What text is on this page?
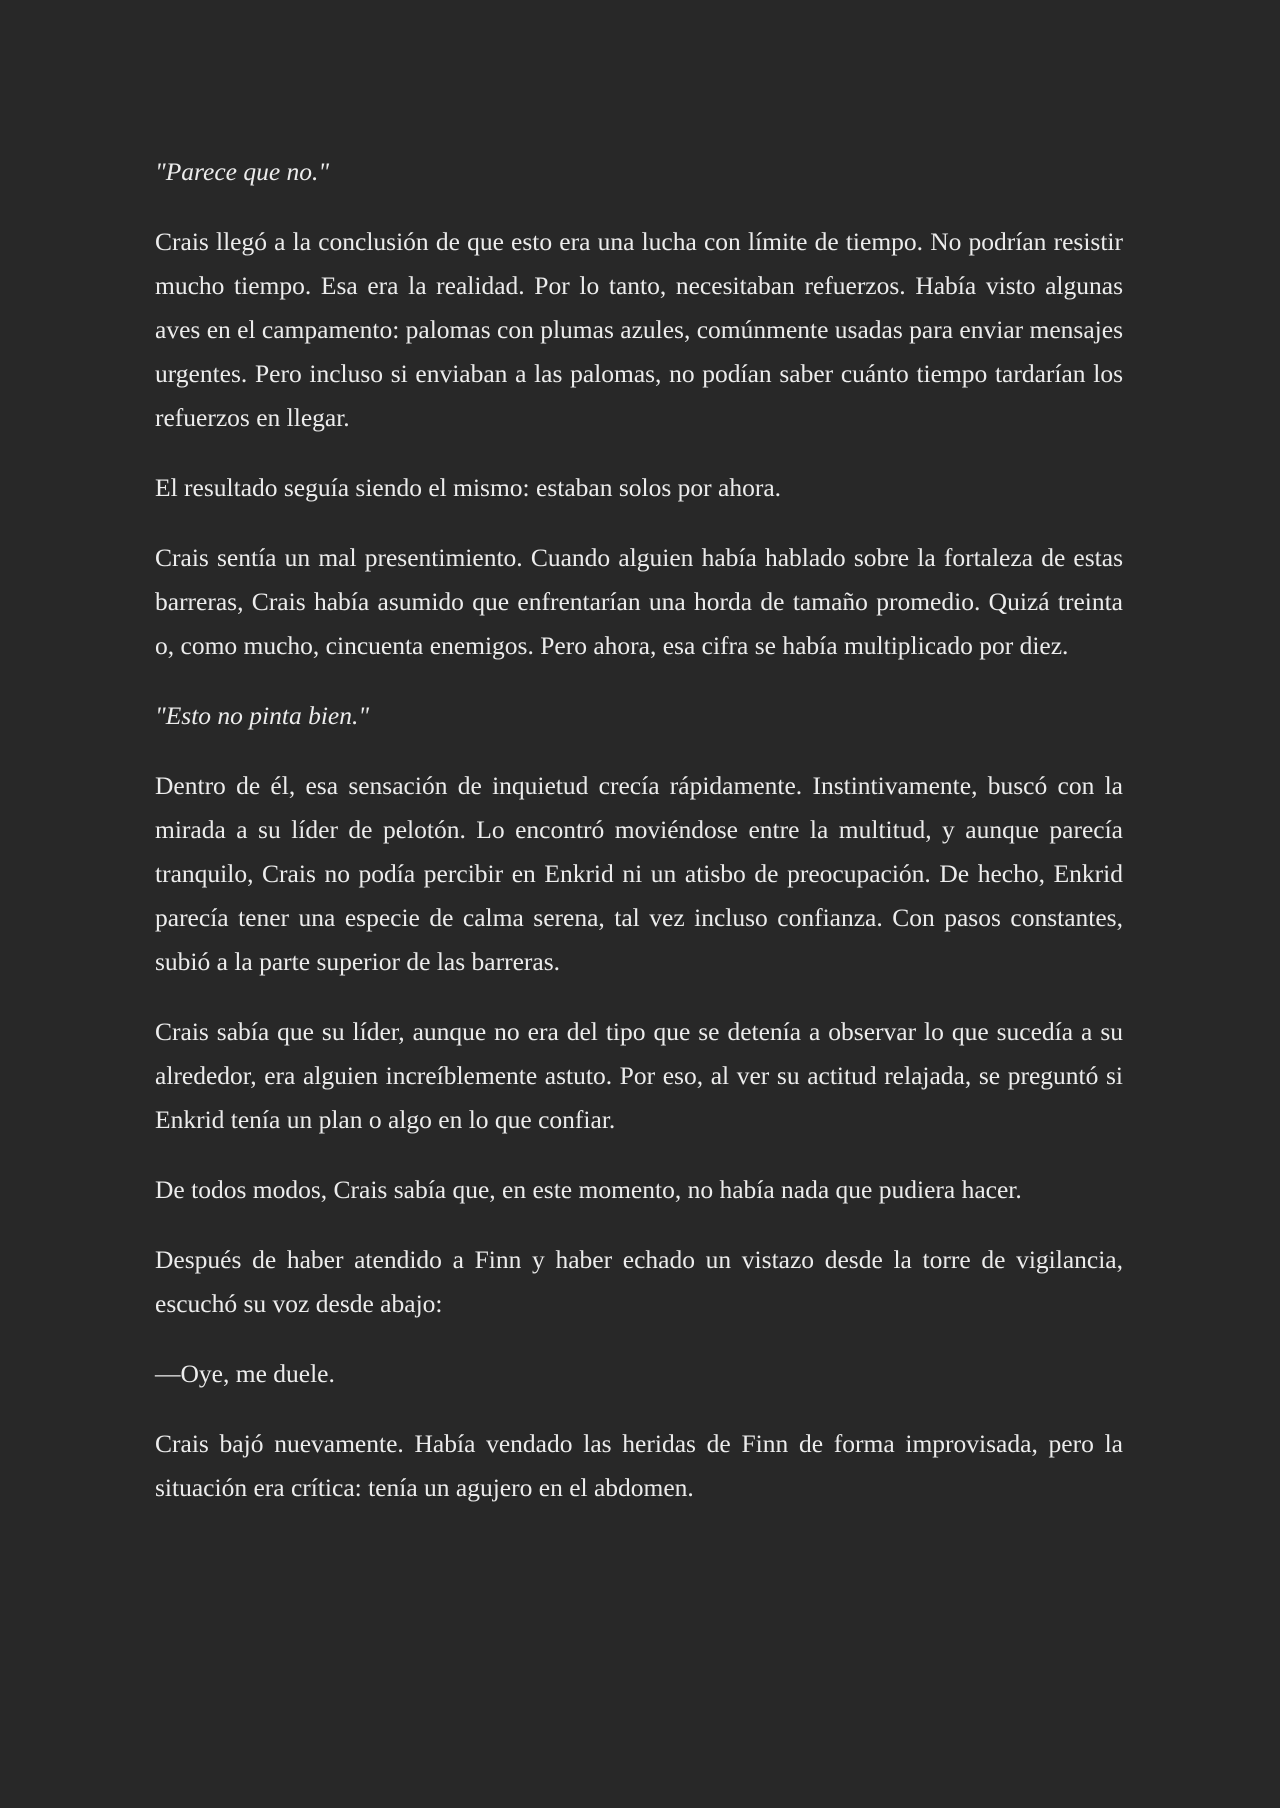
"Parece que no."

Crais llegó a la conclusión de que esto era una lucha con límite de tiempo. No podrían resistir mucho tiempo. Esa era la realidad. Por lo tanto, necesitaban refuerzos. Había visto algunas aves en el campamento: palomas con plumas azules, comúnmente usadas para enviar mensajes urgentes. Pero incluso si enviaban a las palomas, no podían saber cuánto tiempo tardarían los refuerzos en llegar.

El resultado seguía siendo el mismo: estaban solos por ahora.

Crais sentía un mal presentimiento. Cuando alguien había hablado sobre la fortaleza de estas barreras, Crais había asumido que enfrentarían una horda de tamaño promedio. Quizá treinta o, como mucho, cincuenta enemigos. Pero ahora, esa cifra se había multiplicado por diez.

"Esto no pinta bien."

Dentro de él, esa sensación de inquietud crecía rápidamente. Instintivamente, buscó con la mirada a su líder de pelotón. Lo encontró moviéndose entre la multitud, y aunque parecía tranquilo, Crais no podía percibir en Enkrid ni un atisbo de preocupación. De hecho, Enkrid parecía tener una especie de calma serena, tal vez incluso confianza. Con pasos constantes, subió a la parte superior de las barreras.

Crais sabía que su líder, aunque no era del tipo que se detenía a observar lo que sucedía a su alrededor, era alguien increíblemente astuto. Por eso, al ver su actitud relajada, se preguntó si Enkrid tenía un plan o algo en lo que confiar.

De todos modos, Crais sabía que, en este momento, no había nada que pudiera hacer.

Después de haber atendido a Finn y haber echado un vistazo desde la torre de vigilancia, escuchó su voz desde abajo:

—Oye, me duele.

Crais bajó nuevamente. Había vendado las heridas de Finn de forma improvisada, pero la situación era crítica: tenía un agujero en el abdomen.
